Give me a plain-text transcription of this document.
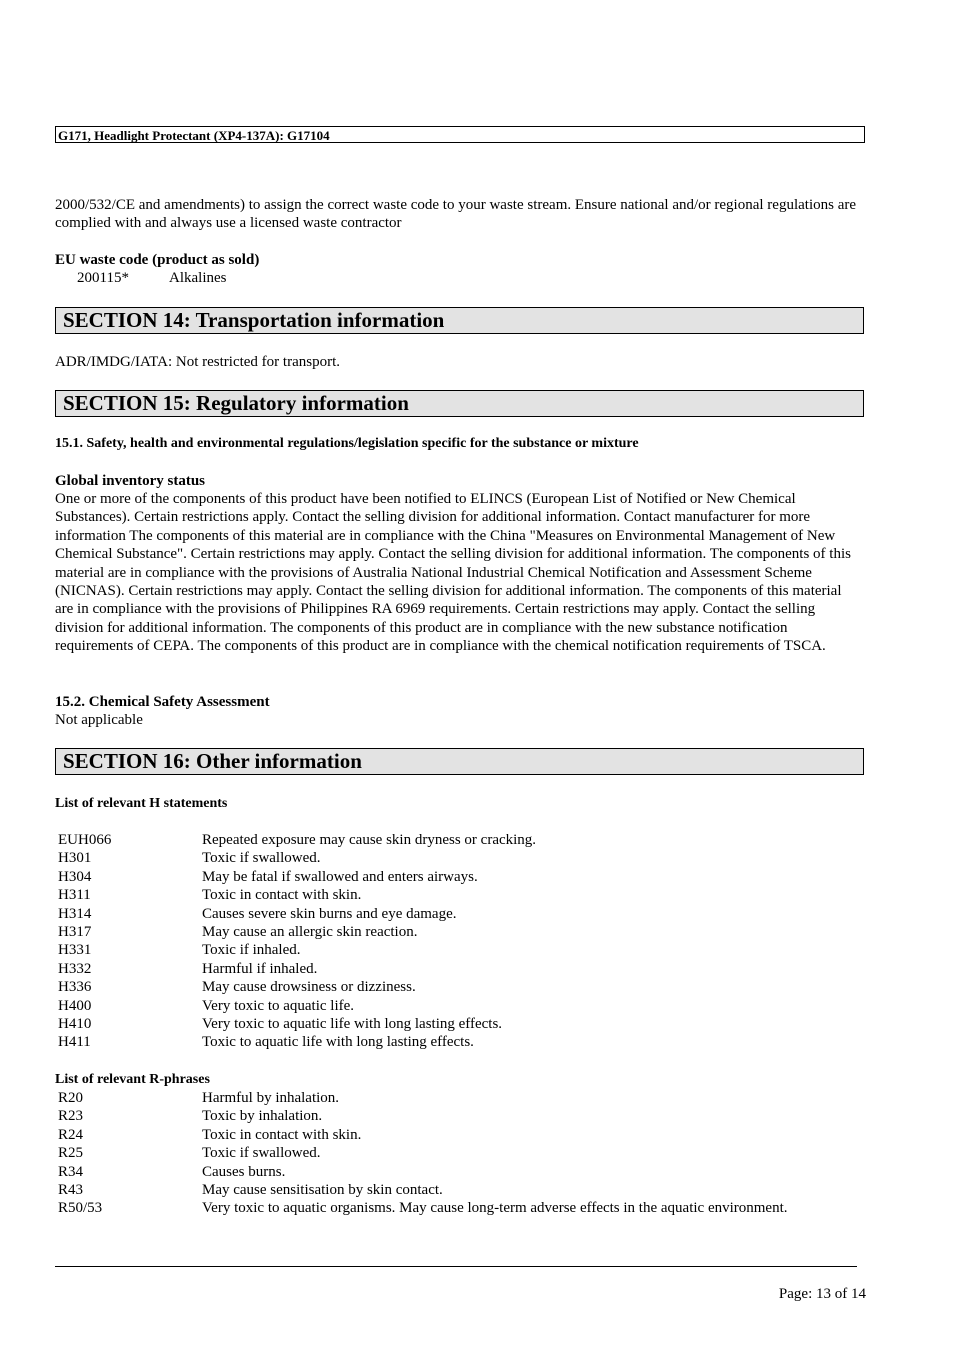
G171, Headlight Protectant (XP4-137A): G17104

2000/532/CE and amendments) to assign the correct waste code to your waste stream. Ensure national and/or regional regulations are complied with and always use a licensed waste contractor

EU waste code (product as sold)
200115*	Alkalines
SECTION 14: Transportation information
ADR/IMDG/IATA: Not restricted for transport.
SECTION 15: Regulatory information
15.1. Safety, health and environmental regulations/legislation specific for the substance or mixture
Global inventory status

One or more of the components of this product have been notified to ELINCS (European List of Notified or New Chemical Substances). Certain restrictions apply. Contact the selling division for additional information. Contact manufacturer for more information The components of this material are in compliance with the China "Measures on Environmental Management of New Chemical Substance". Certain restrictions may apply. Contact the selling division for additional information. The components of this material are in compliance with the provisions of Australia National Industrial Chemical Notification and Assessment Scheme (NICNAS). Certain restrictions may apply. Contact the selling division for additional information. The components of this material are in compliance with the provisions of Philippines RA 6969 requirements. Certain restrictions may apply. Contact the selling division for additional information. The components of this product are in compliance with the new substance notification requirements of CEPA. The components of this product are in compliance with the chemical notification requirements of TSCA.

15.2. Chemical Safety Assessment
Not applicable
SECTION 16: Other information
List of relevant H statements
EUH066	Repeated exposure may cause skin dryness or cracking.
H301	Toxic if swallowed.
H304	May be fatal if swallowed and enters airways.
H311	Toxic in contact with skin.
H314	Causes severe skin burns and eye damage.
H317	May cause an allergic skin reaction.
H331	Toxic if inhaled.
H332	Harmful if inhaled.
H336	May cause drowsiness or dizziness.
H400	Very toxic to aquatic life.
H410	Very toxic to aquatic life with long lasting effects.
H411	Toxic to aquatic life with long lasting effects.
List of relevant R-phrases
R20	Harmful by inhalation.
R23	Toxic by inhalation.
R24	Toxic in contact with skin.
R25	Toxic if swallowed.
R34	Causes burns.
R43	May cause sensitisation by skin contact.
R50/53	Very toxic to aquatic organisms. May cause long-term adverse effects in the aquatic environment.
Page: 13 of 14
